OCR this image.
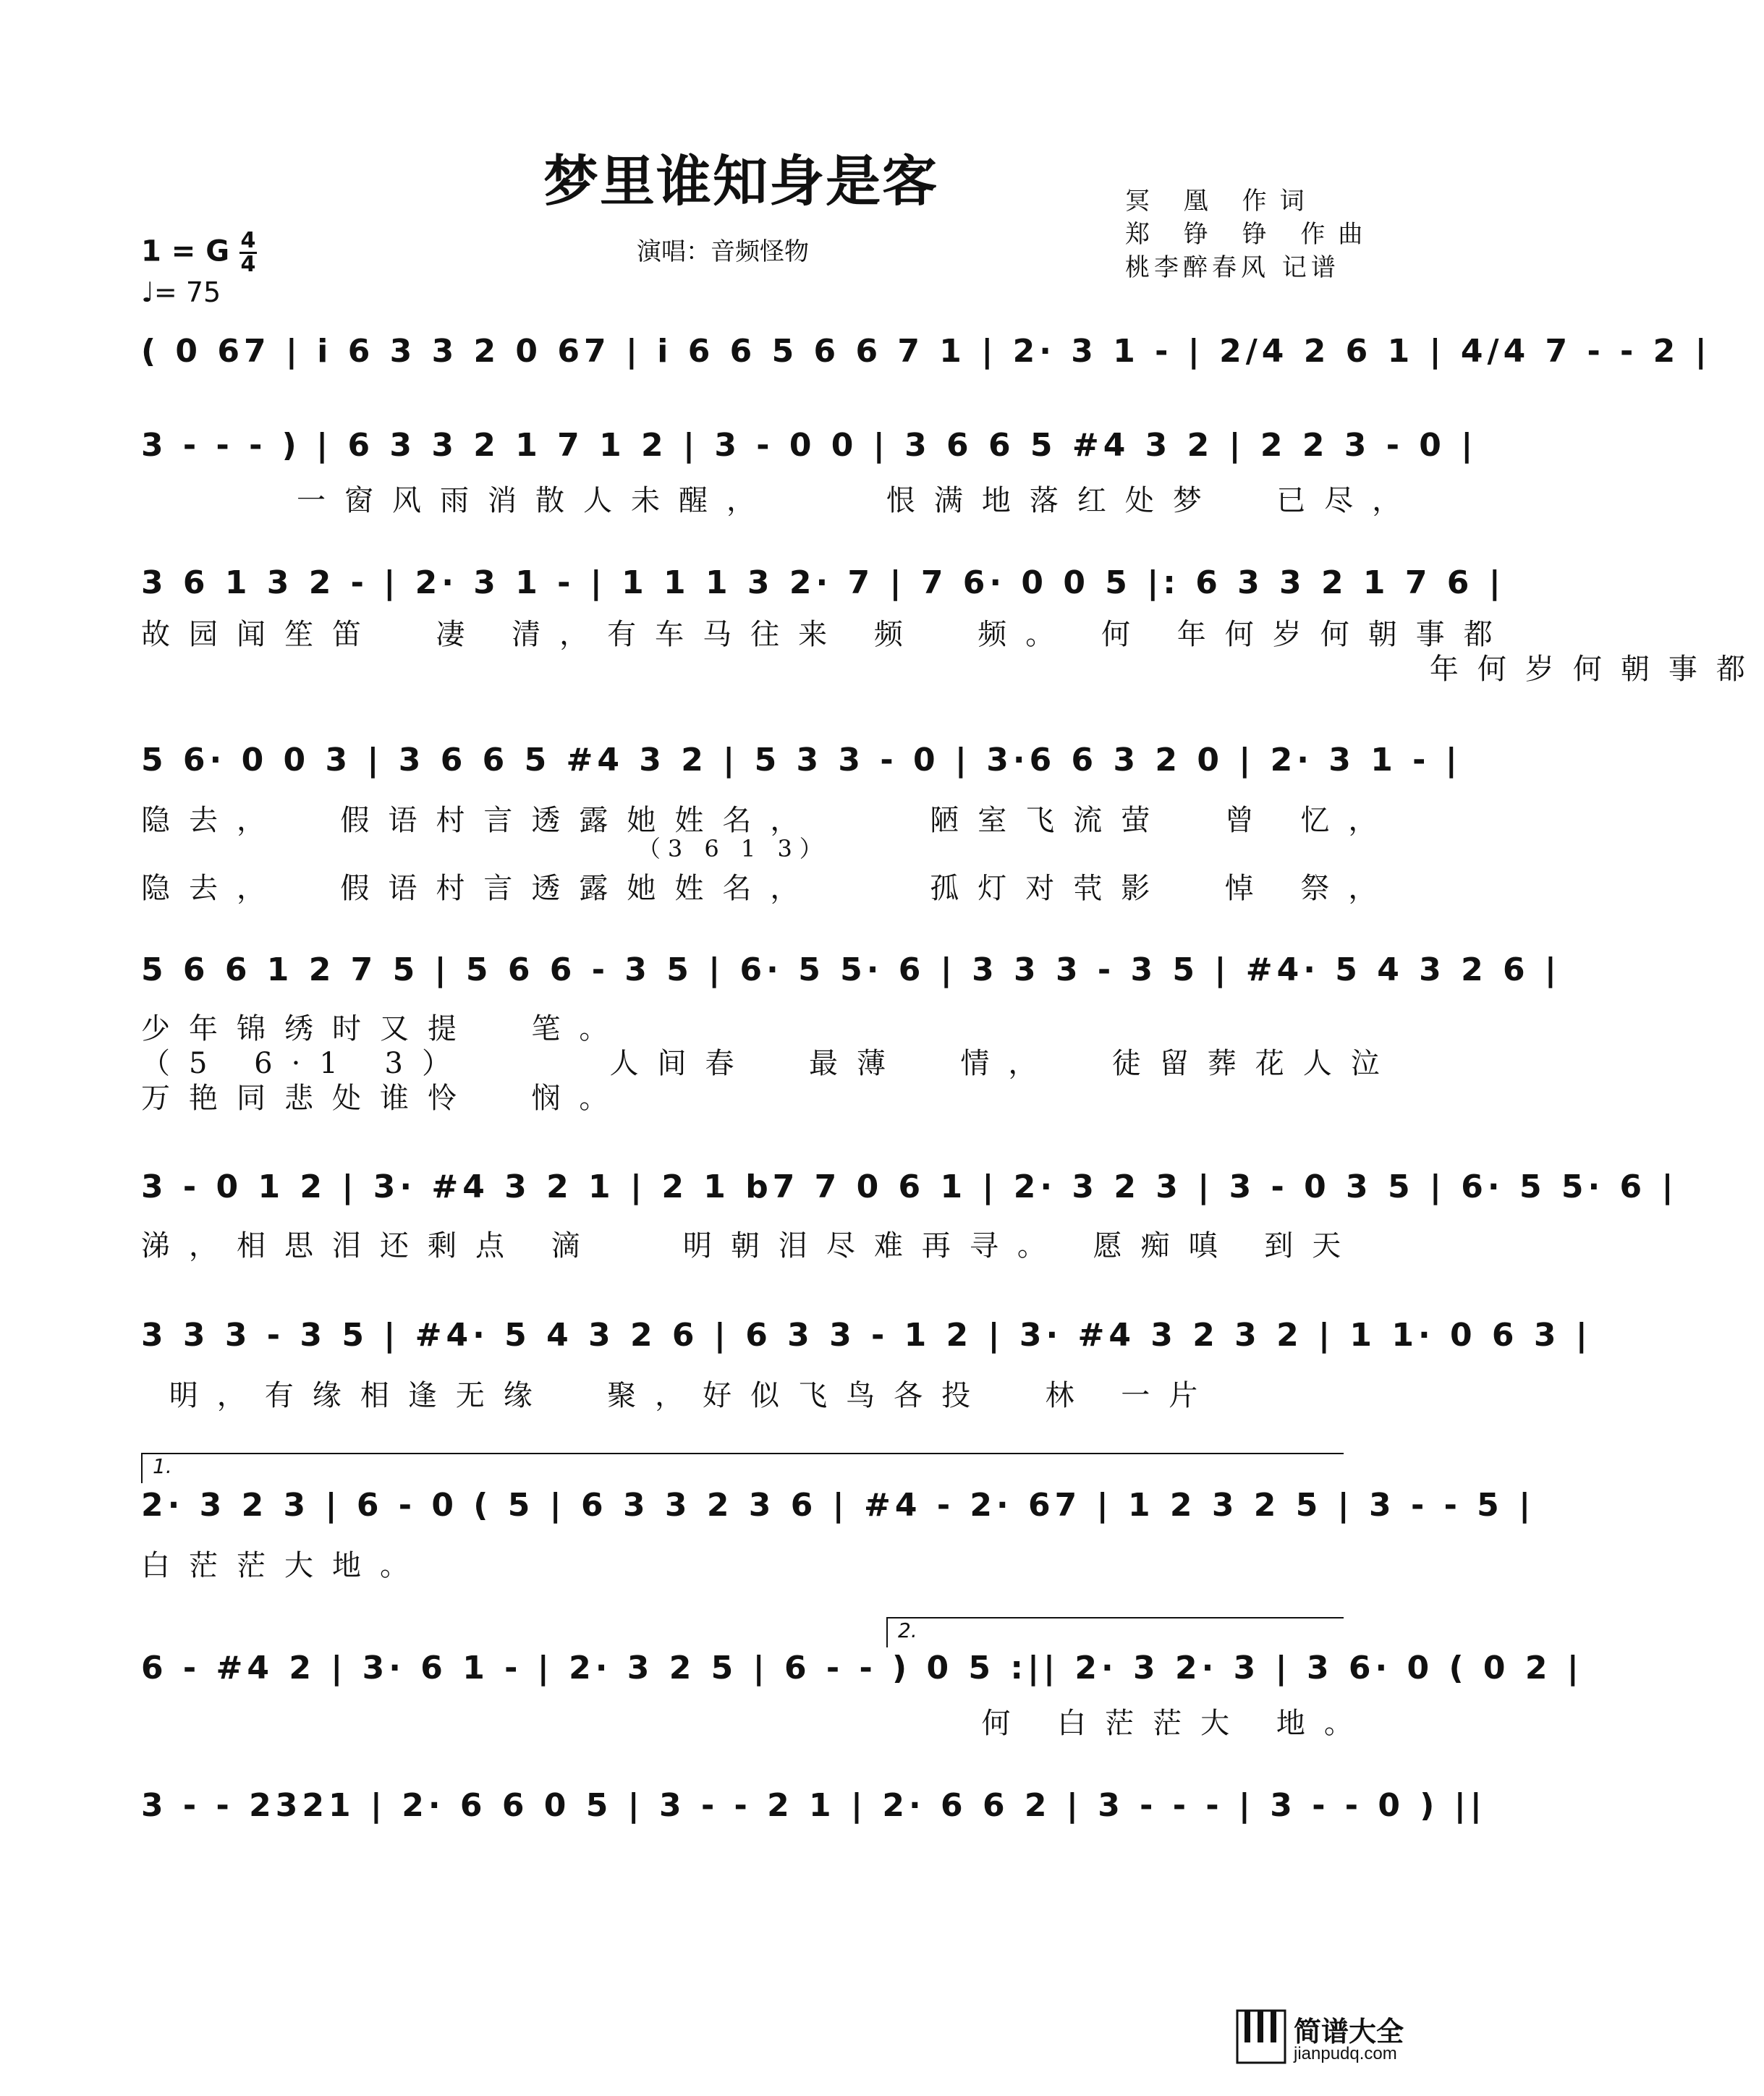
梦里谁知身是客	冥 凰 作词
郑 铮 铮 作曲
桃李醉春风 记谱
演唱：音频怪物
1 = G $\frac{4}{4}$
♩= 75
( 0 67 | i 6 3 3 2 0 67 | i 6 6 5 6 6 7 1 | 2· 3 1 - | 2/4 2 6 1 | 4/4 7 - - 2 |
3 - - - ) | 6 3 3 2 1 7 1 2 | 3 - 0 0 | 3 6 6 5 #4 3 2 | 2 2 3 - 0 |
一窗风雨消散人未醒，    恨满地落红处梦  已尽，
3 6 1 3 2 - | 2· 3 1 - | 1 1 1 3 2· 7 | 7 6· 0 0 5 |: 6 3 3 2 1 7 6 |
故园闻笙笛  凄 清，有车马往来 频  频。 何 年何岁何朝事都
年何岁何朝事都
5 6· 0 0 3 | 3 6 6 5 #4 3 2 | 5 3 3 - 0 | 3·6 6 3 2 0 | 2· 3 1 - |
隐去，  假语村言透露她姓名，    陋室飞流萤  曾 忆，
（3 6 1 3）
隐去，  假语村言透露她姓名，    孤灯对茕影  悼 祭，
5 6 6 1 2 7 5 | 5 6 6 - 3 5 | 6· 5 5· 6 | 3 3 3 - 3 5 | #4· 5 4 3 2 6 |
少年锦绣时又提  笔。
（5 6·1 3）     人间春  最薄  情，  徒留葬花人泣
万艳同悲处谁怜  悯。
3 - 0 1 2 | 3· #4 3 2 1 | 2 1 b7 7 0 6 1 | 2· 3 2 3 | 3 - 0 3 5 | 6· 5 5· 6 |
涕，相思泪还剩点 滴   明朝泪尽难再寻。 愿痴嗔 到天
3 3 3 - 3 5 | #4· 5 4 3 2 6 | 6 3 3 - 1 2 | 3· #4 3 2 3 2 | 1 1· 0 6 3 |
明，有缘相逢无缘  聚，好似飞鸟各投  林 一片
1.
2· 3 2 3 | 6 - 0 ( 5 | 6 3 3 2 3 6 | #4 - 2· 67 | 1 2 3 2 5 | 3 - - 5 |
白茫茫大地。
2.
6 - #4 2 | 3· 6 1 - | 2· 3 2 5 | 6 - - ) 0 5 :|| 2· 3 2· 3 | 3 6· 0 ( 0 2 |
何 白茫茫大 地。
3 - - 2321 | 2· 6 6 0 5 | 3 - - 2 1 | 2· 6 6 2 | 3 - - - | 3 - - 0 ) ||
简谱大全
jianpudq.com
